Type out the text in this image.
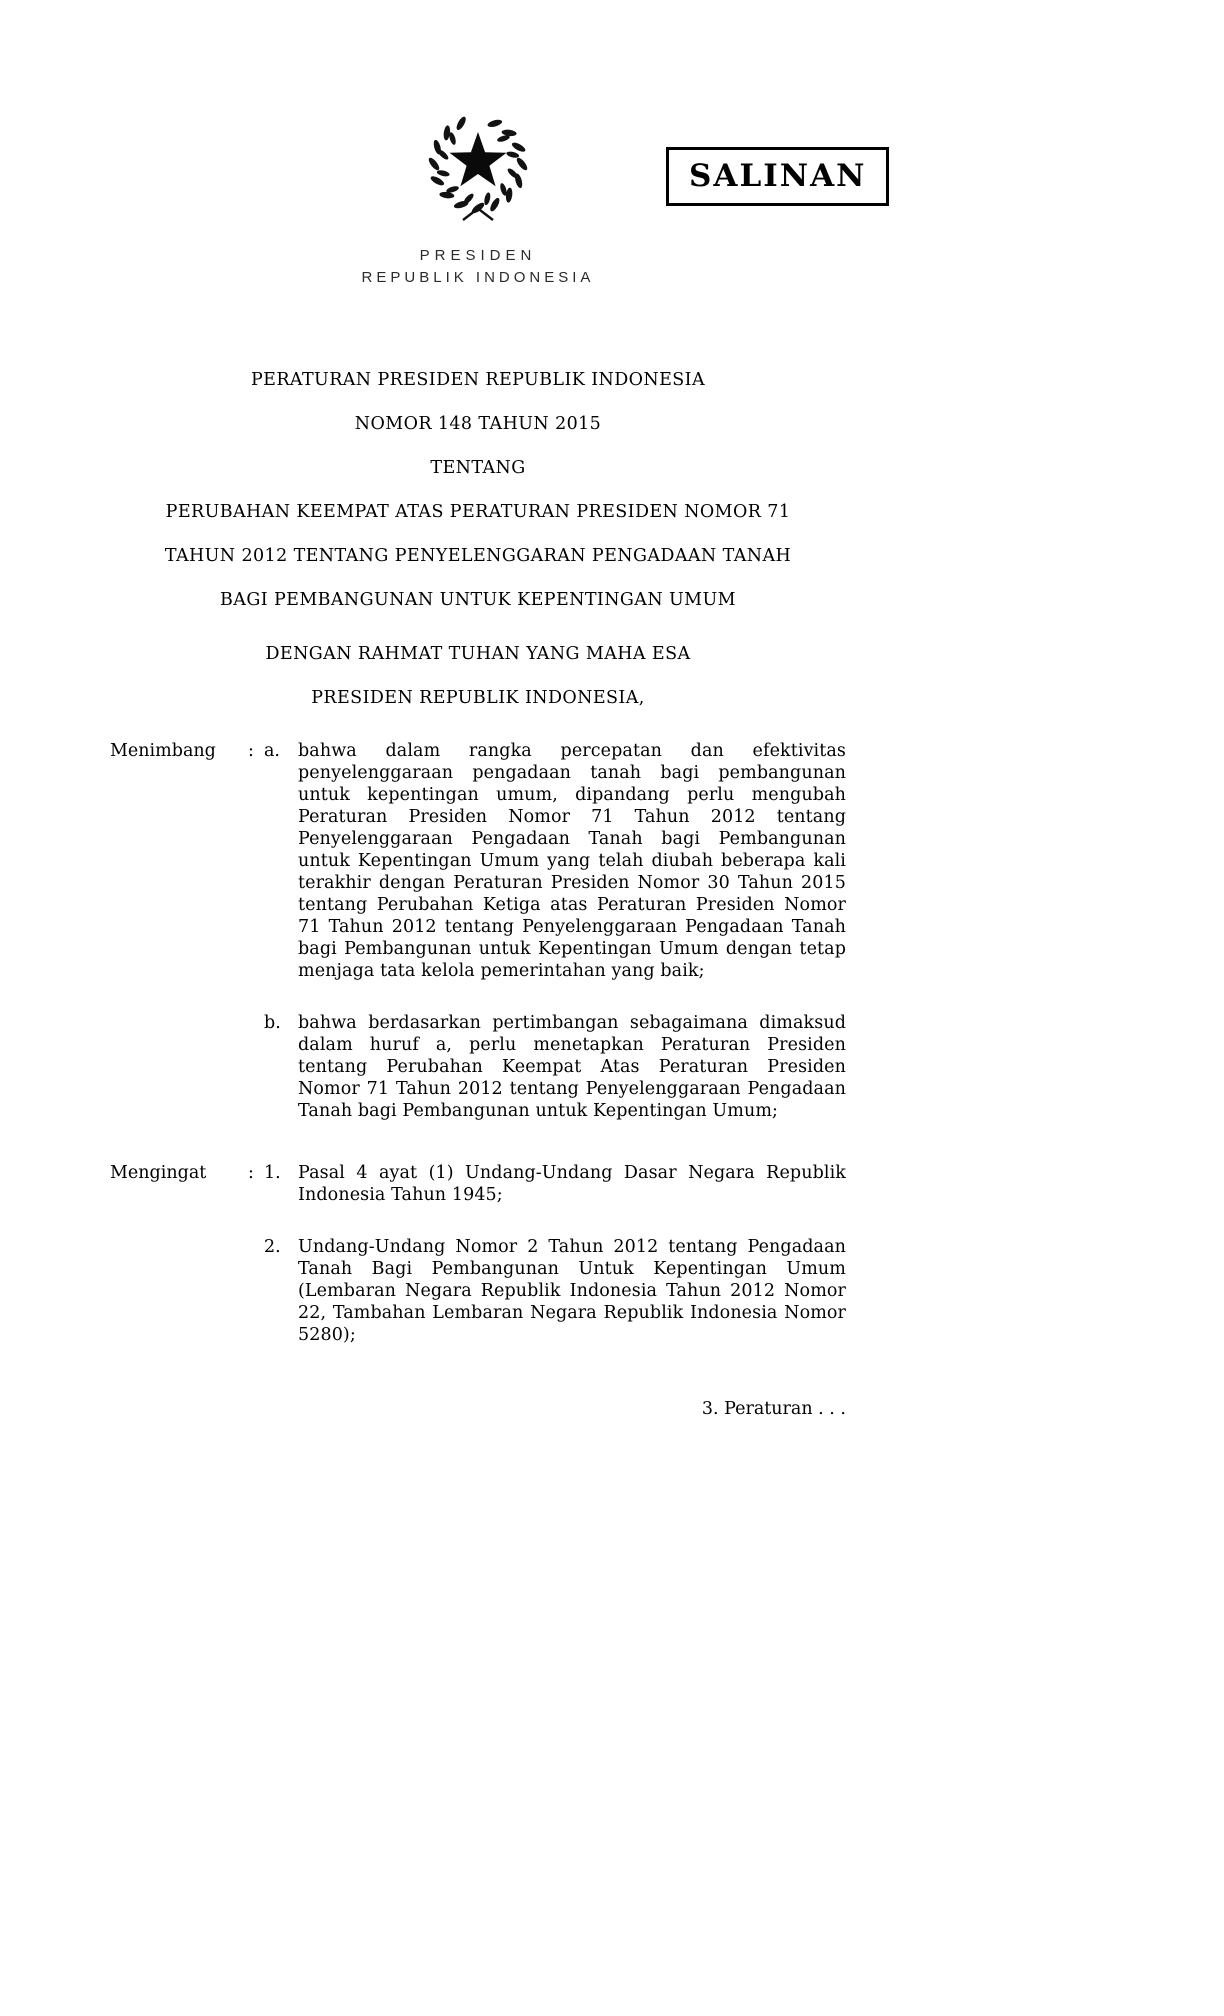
SALINAN
PRESIDEN
REPUBLIK INDONESIA
PERATURAN PRESIDEN REPUBLIK INDONESIA
NOMOR 148 TAHUN 2015
TENTANG
PERUBAHAN KEEMPAT ATAS PERATURAN PRESIDEN NOMOR 71
TAHUN 2012 TENTANG PENYELENGGARAN PENGADAAN TANAH
BAGI PEMBANGUNAN UNTUK KEPENTINGAN UMUM
DENGAN RAHMAT TUHAN YANG MAHA ESA
PRESIDEN REPUBLIK INDONESIA,
Menimbang	: a.	bahwa dalam rangka percepatan dan efektivitas penyelenggaraan pengadaan tanah bagi pembangunan untuk kepentingan umum, dipandang perlu mengubah Peraturan Presiden Nomor 71 Tahun 2012 tentang Penyelenggaraan Pengadaan Tanah bagi Pembangunan untuk Kepentingan Umum yang telah diubah beberapa kali terakhir dengan Peraturan Presiden Nomor 30 Tahun 2015 tentang Perubahan Ketiga atas Peraturan Presiden Nomor 71 Tahun 2012 tentang Penyelenggaraan Pengadaan Tanah bagi Pembangunan untuk Kepentingan Umum dengan tetap menjaga tata kelola pemerintahan yang baik;
b. bahwa berdasarkan pertimbangan sebagaimana dimaksud dalam huruf a, perlu menetapkan Peraturan Presiden tentang Perubahan Keempat Atas Peraturan Presiden Nomor 71 Tahun 2012 tentang Penyelenggaraan Pengadaan Tanah bagi Pembangunan untuk Kepentingan Umum;
Mengingat	: 1. Pasal 4 ayat (1) Undang-Undang Dasar Negara Republik Indonesia Tahun 1945;
2. Undang-Undang Nomor 2 Tahun 2012 tentang Pengadaan Tanah Bagi Pembangunan Untuk Kepentingan Umum (Lembaran Negara Republik Indonesia Tahun 2012 Nomor 22, Tambahan Lembaran Negara Republik Indonesia Nomor 5280);
3. Peraturan . . .
